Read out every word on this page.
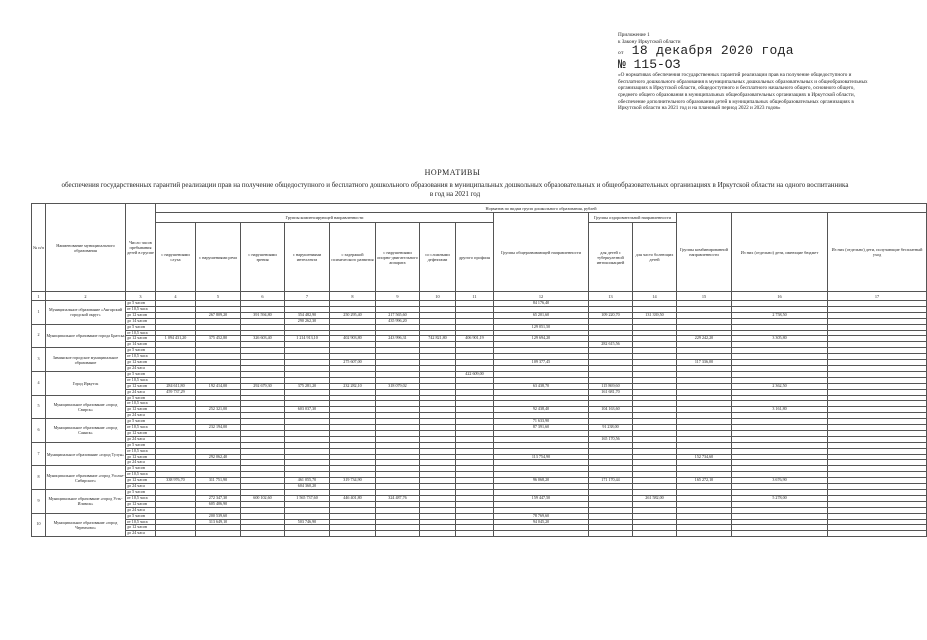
Приложение 1
к Закону Иркутской области
от 18 декабря 2020 года
№ 115-ОЗ
«О нормативах обеспечения государственных гарантий реализации прав на получение общедоступного и бесплатного дошкольного образования в муниципальных дошкольных образовательных и общеобразовательных организациях в Иркутской области, общедоступного и бесплатного начального общего, основного общего, среднего общего образования в муниципальных общеобразовательных организациях в Иркутской области, обеспечение дополнительного образования детей в муниципальных общеобразовательных организациях в Иркутской области на 2021 год и на плановый период 2022 и 2023 годов»
НОРМАТИВЫ
обеспечения государственных гарантий реализации прав на получение общедоступного и бесплатного дошкольного образования в муниципальных дошкольных образовательных и общеобразовательных организациях в Иркутской области на одного воспитанника в год на 2021 год
№ п/п	Наименование муниципального образования	Число часов пребывания детей в группе	Норматив по видам групп дошкольного образования, рублей													
			Группы компенсирующей направленности								Группы общеразвивающей направленности	Группы оздоровительной направленности		Группы комбинированной направленности	Из них (отдельно) дети, имеющие бюджет	Из них (отдельно) дети, получающие бесплатный уход
			с нарушениями слуха	с нарушениями речи	с нарушениями зрения	с нарушениями интеллекта	с задержкой психического развития	с нарушениями опорно-двигательного аппарата	со сложными дефектами	другого профиля		для детей с туберкулезной интоксикацией	для часто болеющих детей			
1	2	3	4	5	6	7	8	9	10	11	12	13	14	15	16	17
1	Муниципальное образование «Ангарский городской округ»	до 5 часов									84 176,40					
		от 10,5 часа														
		до 12 часов		267 809,20	391 594,80	354 482,90	250 295,40	217 565,60			65 201,60	109 220,70	131 339,50		2 758,50	
		до 14 часов				290 262,30		435 996,20								
2	Муниципальное образование города Братска	до 5 часов									129 051,50					
		от 10,5 часа														
		до 12 часов	1 094 431,20	375 452,80	326 603,40	1 214 913,10	402 903,80	243 996,31	742 821,80	406 901,19	129 694,20			229 242,20	3 305,80	
		до 14 часов										282 615,56				
3	Зиминское городское муниципальное образование	до 5 часов														
		от 10,5 часа														
		до 12 часов					275 607,00				109 377,45			117 336,00		
		до 24 часа														
4	Город Иркутск	до 5 часов								422 609,00						
		от 10,5 часа														
		до 12 часов	284 611,80	192 414,00	292 679,30	375 281,20	232 282,10	318 079,02			63 438,70	115 869,60			2 362,50	
		до 24 часа	459 737,29									161 681,70				
5	Муниципальное образование «город Свирск»	до 5 часов														
		от 10,5 часа														
		до 12 часов		252 321,00		603 037,30					92 438,40	104 163,60			3 161,80	
		до 24 часа														
6	Муниципальное образование «город Саянск»	до 5 часов									71 633,90					
		от 10,5 часа		232 194,00							87 391,60	91 238,00				
		до 12 часов														
		до 24 часа										165 170,56				
7	Муниципальное образование «город Тулун»	до 5 часов														
		от 10,5 часа														
		до 12 часов		292 062,40							113 754,90			152 734,60		
		до 24 часа														
8	Муниципальное образование «город Усолье-Сибирское»	до 5 часов														
		от 10,5 часа														
		до 12 часов	338 976,70	311 751,90		461 055,70	319 734,90				96 068,20	171 170,44		165 272,10	3 676,90	
		до 24 часа				604 360,20										
9	Муниципальное образование «город Усть-Илимск»	до 5 часов														
		от 10,5 часа		272 347,30	600 102,60	1 565 737,60	446 401,80	324 487,76			159 447,50		261 582,00		5 278,00	
		до 12 часов		605 406,90												
		до 24 часа														
10	Муниципальное образование «город Черемхово»	до 5 часов		200 539,60							78 769,60					
		от 10,5 часа		313 649,10		503 746,90					94 045,20					
		до 12 часов														
		до 24 часа														
